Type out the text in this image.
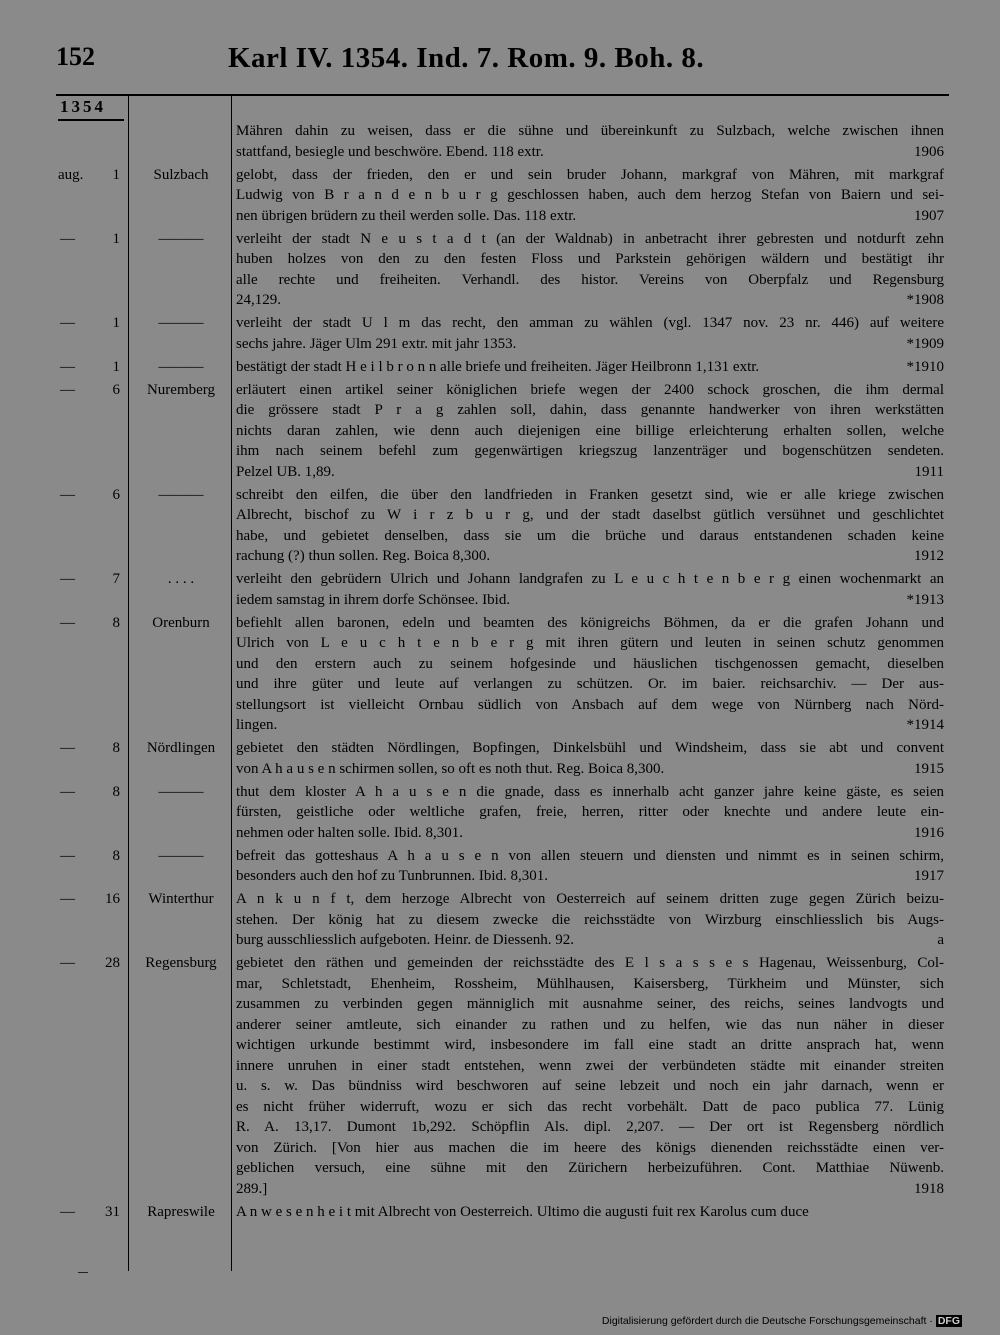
152	Karl IV. 1354. Ind. 7. Rom. 9. Boh. 8.
1354
Mähren dahin zu weisen, dass er die sühne und übereinkunft zu Sulzbach, welche zwischen ihnen
stattfand, besiegle und beschwöre. Ebend. 118 extr.	1906
aug. 1	Sulzbach	gelobt, dass der frieden, den er und sein bruder Johann, markgraf von Mähren, mit markgraf
Ludwig von B r a n d e n b u r g geschlossen haben, auch dem herzog Stefan von Baiern und sei-
nen übrigen brüdern zu theil werden solle. Das. 118 extr.	1907
—	1	———	verleiht der stadt N e u s t a d t (an der Waldnab) in anbetracht ihrer gebresten und notdurft zehn
huben holzes von den zu den festen Floss und Parkstein gehörigen wäldern und bestätigt ihr
alle rechte und freiheiten. Verhandl. des histor. Vereins von Oberpfalz und Regensburg
24,129.	*1908
—	1	———	verleiht der stadt U l m das recht, den amman zu wählen (vgl. 1347 nov. 23 nr. 446) auf weitere
sechs jahre. Jäger Ulm 291 extr. mit jahr 1353.	*1909
—	1	———	bestätigt der stadt H e i l b r o n n alle briefe und freiheiten. Jäger Heilbronn 1,131 extr.	*1910
—	6	Nuremberg	erläutert einen artikel seiner königlichen briefe wegen der 2400 schock groschen, die ihm dermal
die grössere stadt P r a g zahlen soll, dahin, dass genannte handwerker von ihren werkstätten
nichts daran zahlen, wie denn auch diejenigen eine billige erleichterung erhalten sollen, welche
ihm nach seinem befehl zum gegenwärtigen kriegszug lanzenträger und bogenschützen sendeten.
Pelzel UB. 1,89.	1911
—	6	———	schreibt den eilfen, die über den landfrieden in Franken gesetzt sind, wie er alle kriege zwischen
Albrecht, bischof zu W i r z b u r g, und der stadt daselbst gütlich versühnet und geschlichtet
habe, und gebietet denselben, dass sie um die brüche und daraus entstandenen schaden keine
rachung (?) thun sollen. Reg. Boica 8,300.	1912
—	7	. . . .	verleiht den gebrüdern Ulrich und Johann landgrafen zu L e u c h t e n b e r g einen wochenmarkt an
iedem samstag in ihrem dorfe Schönsee. Ibid.	*1913
—	8	Orenburn	befiehlt allen baronen, edeln und beamten des königreichs Böhmen, da er die grafen Johann und
Ulrich von L e u c h t e n b e r g mit ihren gütern und leuten in seinen schutz genommen
und den erstern auch zu seinem hofgesinde und häuslichen tischgenossen gemacht, dieselben
und ihre güter und leute auf verlangen zu schützen. Or. im baier. reichsarchiv. — Der aus-
stellungsort ist vielleicht Ornbau südlich von Ansbach auf dem wege von Nürnberg nach Nörd-
lingen.	*1914
—	8	Nördlingen	gebietet den städten Nördlingen, Bopfingen, Dinkelsbühl und Windsheim, dass sie abt und convent
von A h a u s e n schirmen sollen, so oft es noth thut. Reg. Boica 8,300.	1915
—	8	———	thut dem kloster A h a u s e n die gnade, dass es innerhalb acht ganzer jahre keine gäste, es seien
fürsten, geistliche oder weltliche grafen, freie, herren, ritter oder knechte und andere leute ein-
nehmen oder halten solle. Ibid. 8,301.	1916
—	8	———	befreit das gotteshaus A h a u s e n von allen steuern und diensten und nimmt es in seinen schirm,
besonders auch den hof zu Tunbrunnen. Ibid. 8,301.	1917
— 16	Winterthur	A n k u n f t, dem herzoge Albrecht von Oesterreich auf seinem dritten zuge gegen Zürich beizu-
stehen. Der könig hat zu diesem zwecke die reichsstädte von Wirzburg einschliesslich bis Augs-
burg ausschliesslich aufgeboten. Heinr. de Diessenh. 92.	a
— 28	Regensburg	gebietet den räthen und gemeinden der reichsstädte des E l s a s s e s Hagenau, Weissenburg, Col-
mar, Schletstadt, Ehenheim, Rossheim, Mühlhausen, Kaisersberg, Türkheim und Münster, sich
zusammen zu verbinden gegen männiglich mit ausnahme seiner, des reichs, seines landvogts und
anderer seiner amtleute, sich einander zu rathen und zu helfen, wie das nun näher in dieser
wichtigen urkunde bestimmt wird, insbesondere im fall eine stadt an dritte ansprach hat, wenn
innere unruhen in einer stadt entstehen, wenn zwei der verbündeten städte mit einander streiten
u. s. w. Das bündniss wird beschworen auf seine lebzeit und noch ein jahr darnach, wenn er
es nicht früher widerruft, wozu er sich das recht vorbehält. Datt de paco publica 77. Lünig
R. A. 13,17. Dumont 1b,292. Schöpflin Als. dipl. 2,207. — Der ort ist Regensberg nördlich
von Zürich. [Von hier aus machen die im heere des königs dienenden reichsstädte einen ver-
geblichen versuch, eine sühne mit den Zürichern herbeizuführen. Cont. Matthiae Nüwenb.
289.]	1918
— 31	Rapreswile	A n w e s e n h e i t mit Albrecht von Oesterreich. Ultimo die augusti fuit rex Karolus cum duce
Digitalisierung gefördert durch die Deutsche Forschungsgemeinschaft · DFG
